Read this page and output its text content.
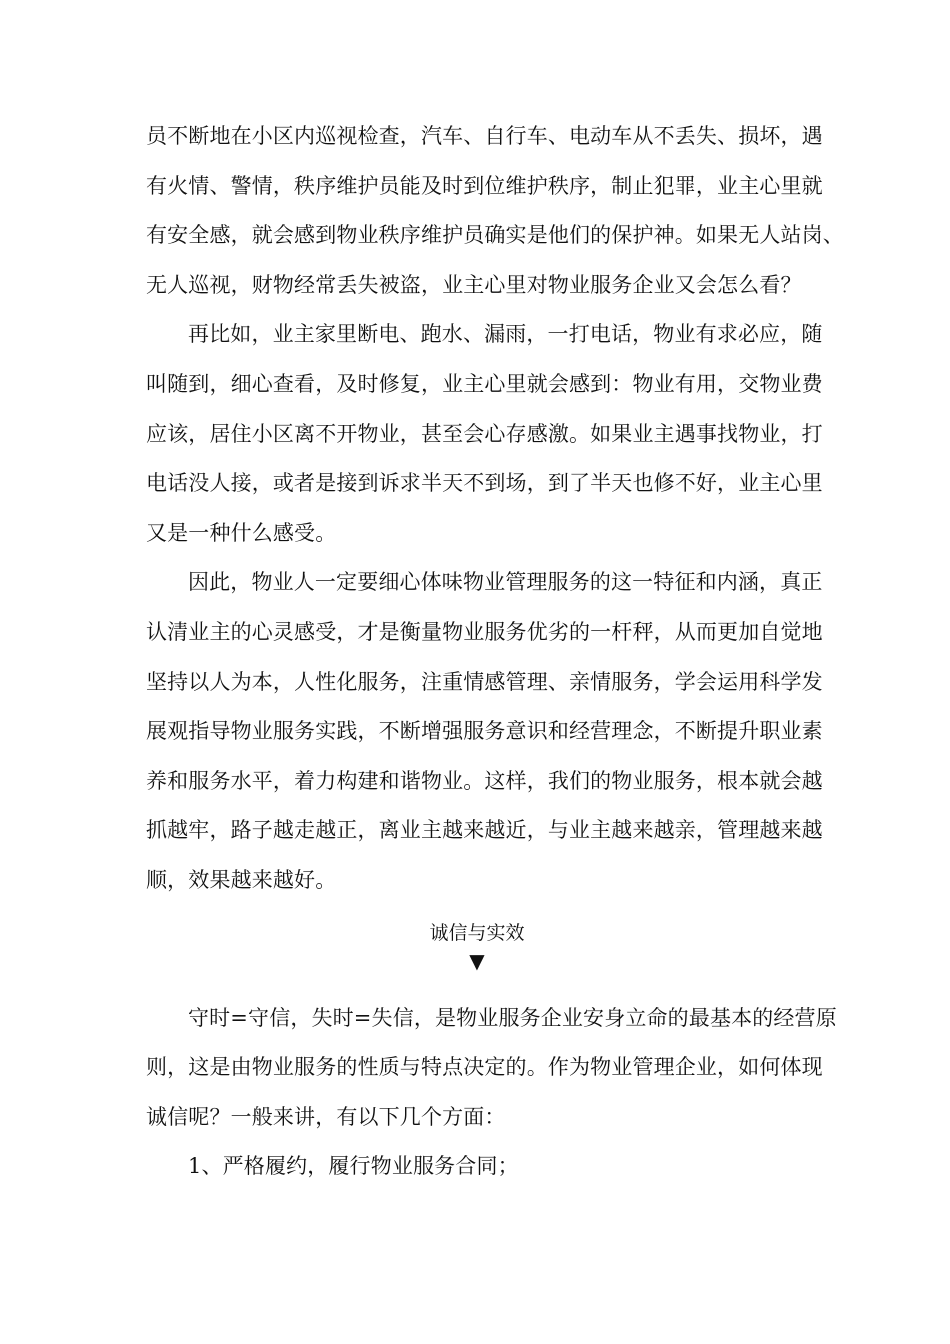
员不断地在小区内巡视检查，汽车、自行车、电动车从不丢失、损坏，遇
有火情、警情，秩序维护员能及时到位维护秩序，制止犯罪，业主心里就
有安全感，就会感到物业秩序维护员确实是他们的保护神。如果无人站岗、
无人巡视，财物经常丢失被盗，业主心里对物业服务企业又会怎么看？

再比如，业主家里断电、跑水、漏雨，一打电话，物业有求必应，随
叫随到，细心查看，及时修复，业主心里就会感到：物业有用，交物业费
应该，居住小区离不开物业，甚至会心存感激。如果业主遇事找物业，打
电话没人接，或者是接到诉求半天不到场，到了半天也修不好，业主心里
又是一种什么感受。

因此，物业人一定要细心体味物业管理服务的这一特征和内涵，真正
认清业主的心灵感受，才是衡量物业服务优劣的一杆秤，从而更加自觉地
坚持以人为本，人性化服务，注重情感管理、亲情服务，学会运用科学发
展观指导物业服务实践，不断增强服务意识和经营理念，不断提升职业素
养和服务水平，着力构建和谐物业。这样，我们的物业服务，根本就会越
抓越牢，路子越走越正，离业主越来越近，与业主越来越亲，管理越来越
顺，效果越来越好。

诚信与实效

▼

守时=守信，失时=失信，是物业服务企业安身立命的最基本的经营原
则，这是由物业服务的性质与特点决定的。作为物业管理企业，如何体现
诚信呢？一般来讲，有以下几个方面：

1、严格履约，履行物业服务合同；
